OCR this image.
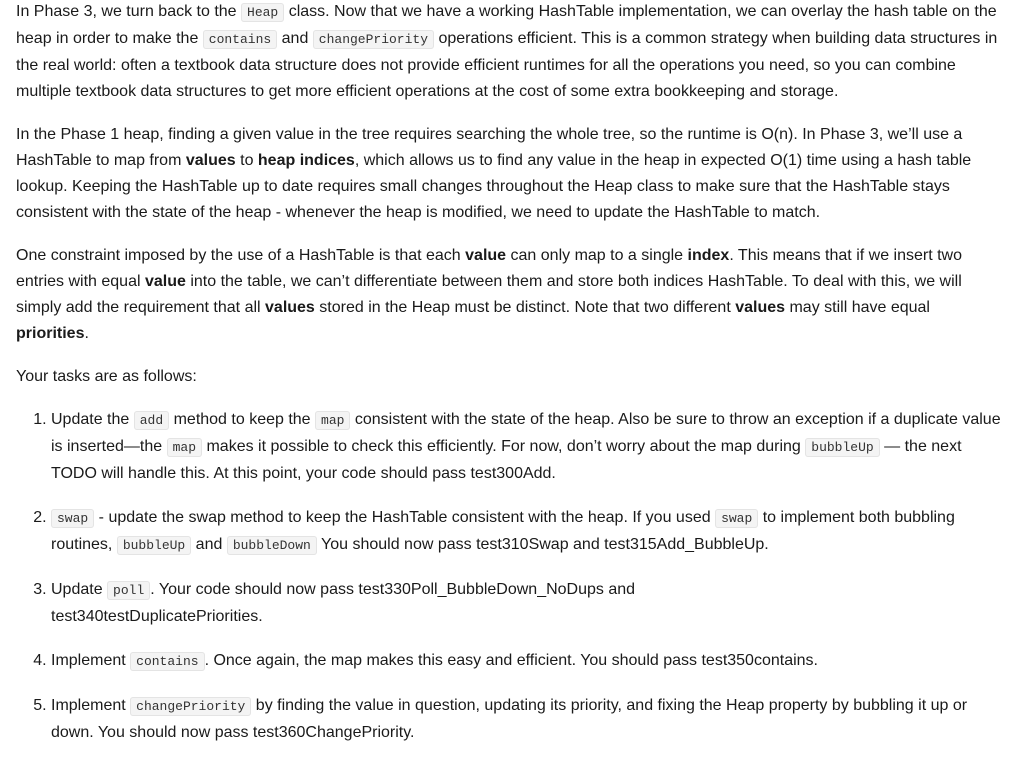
In Phase 3, we turn back to the Heap class. Now that we have a working HashTable implementation, we can overlay the hash table on the heap in order to make the contains and changePriority operations efficient. This is a common strategy when building data structures in the real world: often a textbook data structure does not provide efficient runtimes for all the operations you need, so you can combine multiple textbook data structures to get more efficient operations at the cost of some extra bookkeeping and storage.

In the Phase 1 heap, finding a given value in the tree requires searching the whole tree, so the runtime is O(n). In Phase 3, we’ll use a HashTable to map from values to heap indices, which allows us to find any value in the heap in expected O(1) time using a hash table lookup. Keeping the HashTable up to date requires small changes throughout the Heap class to make sure that the HashTable stays consistent with the state of the heap - whenever the heap is modified, we need to update the HashTable to match.

One constraint imposed by the use of a HashTable is that each value can only map to a single index. This means that if we insert two entries with equal value into the table, we can’t differentiate between them and store both indices HashTable. To deal with this, we will simply add the requirement that all values stored in the Heap must be distinct. Note that two different values may still have equal priorities.

Your tasks are as follows:

1. Update the add method to keep the map consistent with the state of the heap. Also be sure to throw an exception if a duplicate value is inserted—the map makes it possible to check this efficiently. For now, don’t worry about the map during bubbleUp — the next TODO will handle this. At this point, your code should pass test300Add.
2. swap - update the swap method to keep the HashTable consistent with the heap. If you used swap to implement both bubbling routines, bubbleUp and bubbleDown You should now pass test310Swap and test315Add_BubbleUp.
3. Update poll . Your code should now pass test330Poll_BubbleDown_NoDups and
test340testDuplicatePriorities.
4. Implement contains . Once again, the map makes this easy and efficient. You should pass test350contains.
5. Implement changePriority by finding the value in question, updating its priority, and fixing the Heap property by bubbling it up or down. You should now pass test360ChangePriority.
